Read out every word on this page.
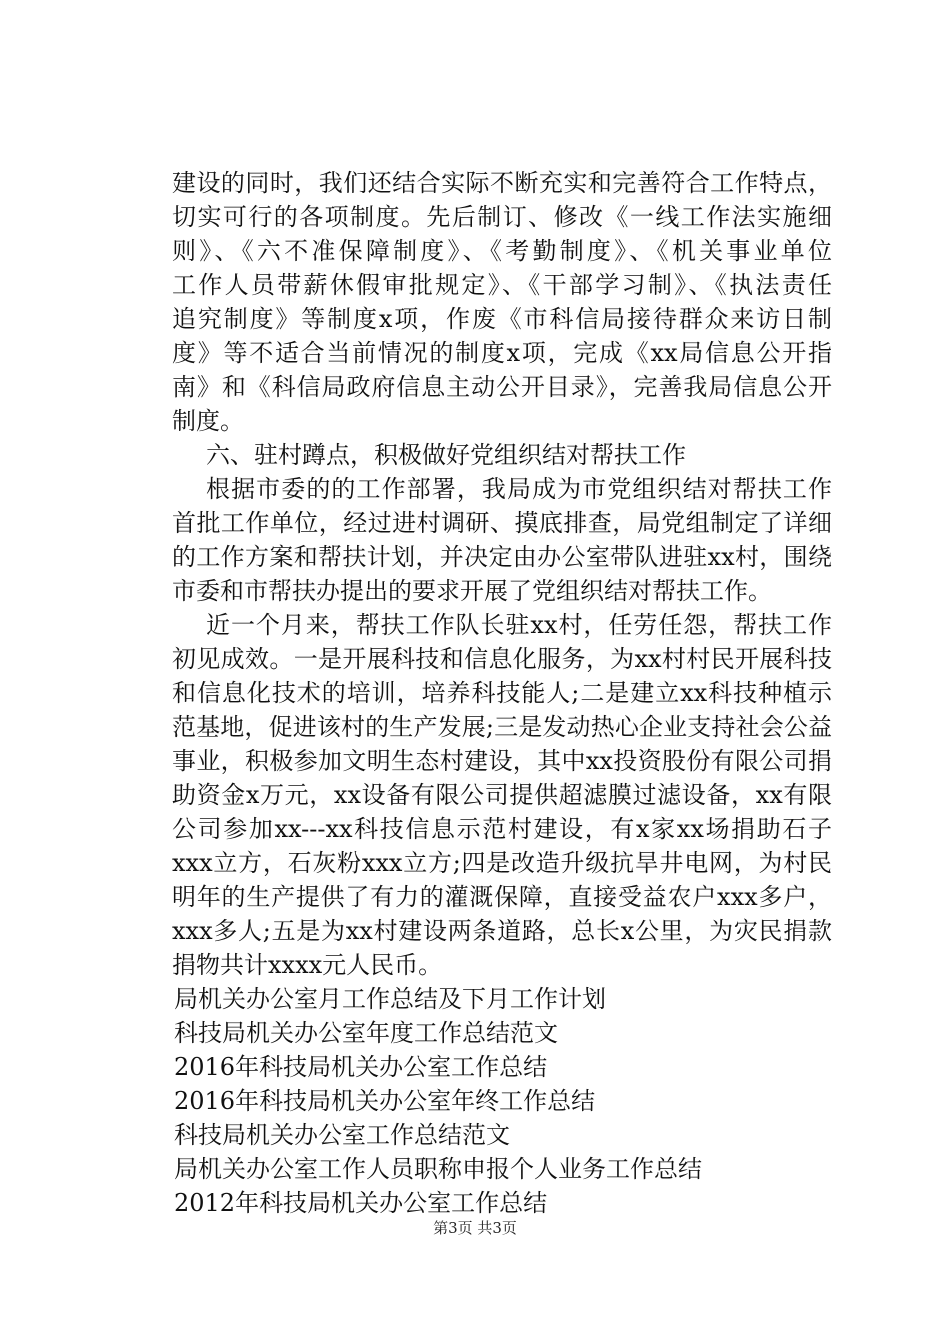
建设的同时，我们还结合实际不断充实和完善符合工作特点，
切实可行的各项制度。先后制订、修改《一线工作法实施细
则》、《六不准保障制度》、《考勤制度》、《机关事业单位
工作人员带薪休假审批规定》、《干部学习制》、《执法责任
追究制度》等制度x项，作废《市科信局接待群众来访日制
度》等不适合当前情况的制度x项，完成《xx局信息公开指
南》和《科信局政府信息主动公开目录》，完善我局信息公开
制度。
六、驻村蹲点，积极做好党组织结对帮扶工作
根据市委的的工作部署，我局成为市党组织结对帮扶工作
首批工作单位，经过进村调研、摸底排查，局党组制定了详细
的工作方案和帮扶计划，并决定由办公室带队进驻xx村，围绕
市委和市帮扶办提出的要求开展了党组织结对帮扶工作。
近一个月来，帮扶工作队长驻xx村，任劳任怨，帮扶工作
初见成效。一是开展科技和信息化服务，为xx村村民开展科技
和信息化技术的培训，培养科技能人;二是建立xx科技种植示
范基地，促进该村的生产发展;三是发动热心企业支持社会公益
事业，积极参加文明生态村建设，其中xx投资股份有限公司捐
助资金x万元，xx设备有限公司提供超滤膜过滤设备，xx有限
公司参加xx---xx科技信息示范村建设，有x家xx场捐助石子
xxx立方，石灰粉xxx立方;四是改造升级抗旱井电网，为村民
明年的生产提供了有力的灌溉保障，直接受益农户xxx多户，
xxx多人;五是为xx村建设两条道路，总长x公里，为灾民捐款
捐物共计xxxx元人民币。
局机关办公室月工作总结及下月工作计划
科技局机关办公室年度工作总结范文
2016年科技局机关办公室工作总结
2016年科技局机关办公室年终工作总结
科技局机关办公室工作总结范文
局机关办公室工作人员职称申报个人业务工作总结
2012年科技局机关办公室工作总结
第3页 共3页
